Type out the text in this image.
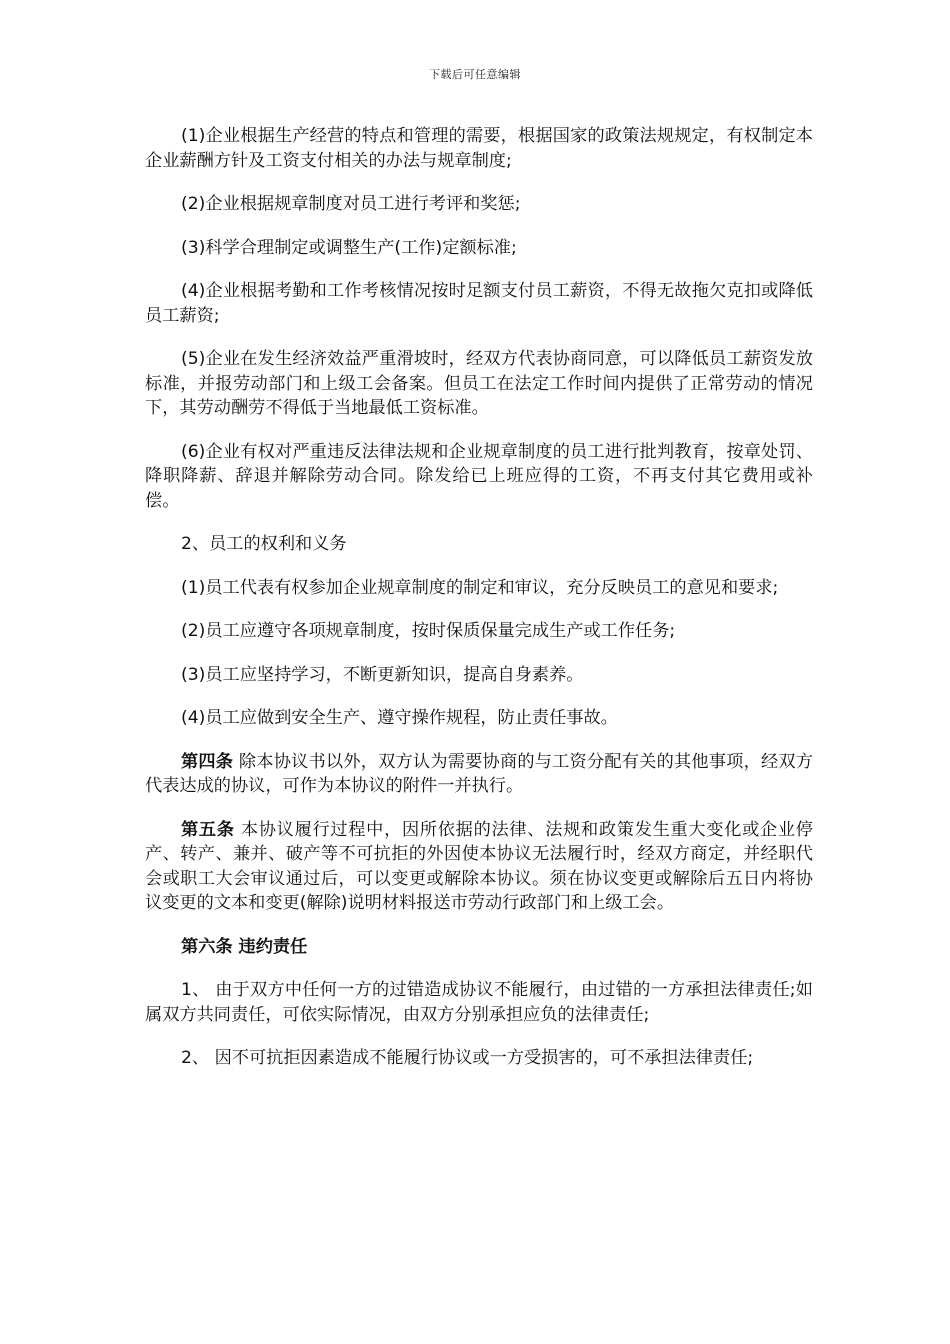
下载后可任意编辑

(1)企业根据生产经营的特点和管理的需要，根据国家的政策法规规定，有权制定本企业薪酬方针及工资支付相关的办法与规章制度;

(2)企业根据规章制度对员工进行考评和奖惩;

(3)科学合理制定或调整生产(工作)定额标准;

(4)企业根据考勤和工作考核情况按时足额支付员工薪资，不得无故拖欠克扣或降低员工薪资;

(5)企业在发生经济效益严重滑坡时，经双方代表协商同意，可以降低员工薪资发放标准，并报劳动部门和上级工会备案。但员工在法定工作时间内提供了正常劳动的情况下，其劳动酬劳不得低于当地最低工资标准。

(6)企业有权对严重违反法律法规和企业规章制度的员工进行批判教育，按章处罚、降职降薪、辞退并解除劳动合同。除发给已上班应得的工资，不再支付其它费用或补偿。

2、员工的权利和义务

(1)员工代表有权参加企业规章制度的制定和审议，充分反映员工的意见和要求;

(2)员工应遵守各项规章制度，按时保质保量完成生产或工作任务;

(3)员工应坚持学习，不断更新知识，提高自身素养。

(4)员工应做到安全生产、遵守操作规程，防止责任事故。

第四条 除本协议书以外，双方认为需要协商的与工资分配有关的其他事项，经双方代表达成的协议，可作为本协议的附件一并执行。

第五条 本协议履行过程中，因所依据的法律、法规和政策发生重大变化或企业停产、转产、兼并、破产等不可抗拒的外因使本协议无法履行时，经双方商定，并经职代会或职工大会审议通过后，可以变更或解除本协议。须在协议变更或解除后五日内将协议变更的文本和变更(解除)说明材料报送市劳动行政部门和上级工会。

第六条 违约责任

1、 由于双方中任何一方的过错造成协议不能履行，由过错的一方承担法律责任;如属双方共同责任，可依实际情况，由双方分别承担应负的法律责任;

2、 因不可抗拒因素造成不能履行协议或一方受损害的，可不承担法律责任;
